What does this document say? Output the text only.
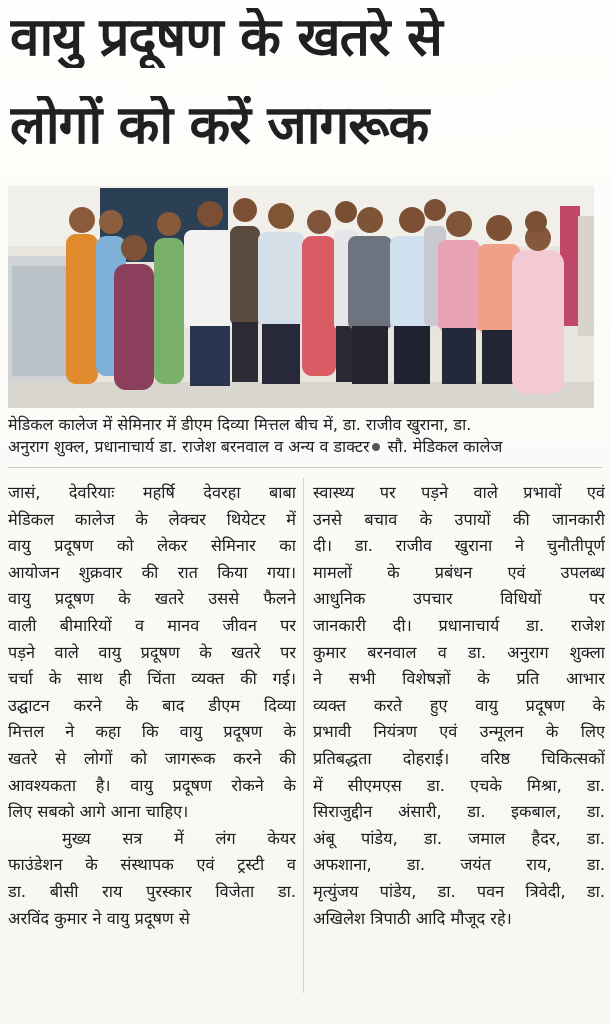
वायु प्रदूषण के खतरे से
लोगों को करें जागरूक
मेडिकल कालेज में सेमिनार में डीएम दिव्या मित्तल बीच में, डा. राजीव खुराना, डा.
अनुराग शुक्ल, प्रधानाचार्य डा. राजेश बरनवाल व अन्य व डाक्टर सौ. मेडिकल कालेज
जासं, देवरियाः महर्षि देवरहा बाबा
मेडिकल कालेज के लेक्चर थियेटर में
वायु प्रदूषण को लेकर सेमिनार का
आयोजन शुक्रवार की रात किया गया।
वायु प्रदूषण के खतरे उससे फैलने
वाली बीमारियों व मानव जीवन पर
पड़ने वाले वायु प्रदूषण के खतरे पर
चर्चा के साथ ही चिंता व्यक्त की गई।
उद्घाटन करने के बाद डीएम दिव्या
मित्तल ने कहा कि वायु प्रदूषण के
खतरे से लोगों को जागरूक करने की
आवश्यकता है। वायु प्रदूषण रोकने के
लिए सबको आगे आना चाहिए।
मुख्य सत्र में लंग केयर
फाउंडेशन के संस्थापक एवं ट्रस्टी व
डा. बीसी राय पुरस्कार विजेता डा.
अरविंद कुमार ने वायु प्रदूषण से
स्वास्थ्य पर पड़ने वाले प्रभावों एवं
उनसे बचाव के उपायों की जानकारी
दी। डा. राजीव खुराना ने चुनौतीपूर्ण
मामलों के प्रबंधन एवं उपलब्ध
आधुनिक उपचार विधियों पर
जानकारी दी। प्रधानाचार्य डा. राजेश
कुमार बरनवाल व डा. अनुराग शुक्ला
ने सभी विशेषज्ञों के प्रति आभार
व्यक्त करते हुए वायु प्रदूषण के
प्रभावी नियंत्रण एवं उन्मूलन के लिए
प्रतिबद्धता दोहराई। वरिष्ठ चिकित्सकों
में सीएमएस डा. एचके मिश्रा, डा.
सिराजुद्दीन अंसारी, डा. इकबाल, डा.
अंबू पांडेय, डा. जमाल हैदर, डा.
अफशाना, डा. जयंत राय, डा.
मृत्युंजय पांडेय, डा. पवन त्रिवेदी, डा.
अखिलेश त्रिपाठी आदि मौजूद रहे।
